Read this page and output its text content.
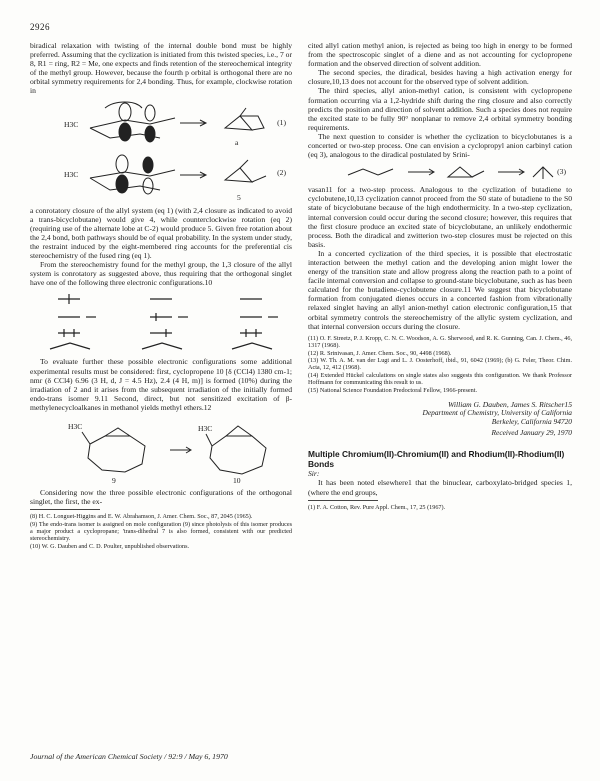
2926

biradical relaxation with twisting of the internal double bond must be highly preferred. Assuming that the cyclization is initiated from this twisted species, i.e., 7 or 8, R1 = ring, R2 = Me, one expects and finds retention of the stereochemical integrity of the methyl group. However, because the fourth p orbital is orthogonal there are no orbital symmetry requirements for 2,4 bonding. Thus, for example, clockwise rotation in

H3C
a
(1)
H3C
5
(2)

a conrotatory closure of the allyl system (eq 1) (with 2,4 closure as indicated to avoid a trans-bicyclobutane) would give 4, while counterclockwise rotation (eq 2) (requiring use of the alternate lobe at C-2) would produce 5. Given free rotation about the 2,4 bond, both pathways should be of equal probability. In the system under study, the restraint induced by the eight-membered ring accounts for the preferential cis stereochemistry of the fused ring (eq 1).

From the stereochemistry found for the methyl group, the 1,3 closure of the allyl system is conrotatory as suggested above, thus requiring that the orthogonal singlet have one of the following three electronic configurations.10

To evaluate further these possible electronic configurations some additional experimental results must be considered: first, cyclopropene 10 [δ (CCl4) 1380 cm-1; nmr (δ CCl4) 6.96 (3 H, d, J = 4.5 Hz), 2.4 (4 H, m)] is formed (10%) during the irradiation of 2 and it arises from the subsequent irradiation of the initially formed endo-trans isomer 9.11 Second, direct, but not sensitized excitation of β-methylenecycloalkanes in methanol yields methyl ethers.12

H3C	H3C
9	10

Considering now the three possible electronic configurations of the orthogonal singlet, the first, the ex-

(8) H. C. Longuet-Higgins and E. W. Abrahamson, J. Amer. Chem. Soc., 87, 2045 (1965).

(9) The endo-trans isomer is assigned on mole configuration (9) since photolysis of this isomer produces a major product a cyclopropane; 'trans-dihedral 7 is also formed, consistent with our predicted stereochemistry.

(10) W. G. Dauben and C. D. Poulter, unpublished observations.

cited allyl cation methyl anion, is rejected as being too high in energy to be formed from the spectroscopic singlet of a diene and as not accounting for cyclopropene formation and the observed direction of solvent addition.

The second species, the diradical, besides having a high activation energy for closure,10,13 does not account for the observed type of solvent addition.

The third species, allyl anion-methyl cation, is consistent with cyclopropene formation occurring via a 1,2-hydride shift during the ring closure and also correctly predicts the position and direction of solvent addition. Such a species does not require the excited state to be fully 90° nonplanar to remove 2,4 orbital symmetry bonding requirements.

The next question to consider is whether the cyclization to bicyclobutanes is a concerted or two-step process. One can envision a cyclopropyl anion carbinyl cation (eq 3), analogous to the diradical postulated by Srini-

(3)

vasan11 for a two-step process. Analogous to the cyclization of butadiene to cyclobutene,10,13 cyclization cannot proceed from the S0 state of butadiene to the S0 state of bicyclobutane because of the high endothermicity. In a two-step cyclization, internal conversion could occur during the second closure; however, this requires that the first closure produce an excited state of bicyclobutane, an unlikely endothermic process. Both the diradical and zwitterion two-step closures must be rejected on this basis.

In a concerted cyclization of the third species, it is possible that electrostatic interaction between the methyl cation and the developing anion might lower the energy of the transition state and allow progress along the reaction path to a point of facile internal conversion and collapse to ground-state bicyclobutane, such as has been calculated for the butadiene-cyclobutene closure.11 We suggest that bicyclobutane formation from conjugated dienes occurs in a concerted fashion from vibrationally relaxed singlet having an allyl anion-methyl cation electronic configuration,15 that orbital symmetry controls the stereochemistry of the allylic system cyclization, and that internal conversion occurs during the closure.

(11) O. F. Streetz, P. J. Kropp, C. N. C. Woodson, A. G. Sherwood, and R. K. Gunning, Can. J. Chem., 46, 1317 (1968).

(12) R. Srinivasan, J. Amer. Chem. Soc., 90, 4498 (1968).

(13) W. Th. A. M. van der Lugt and L. J. Oosterhoff, ibid., 91, 6042 (1969); (b) G. Feler, Theor. Chim. Acta, 12, 412 (1968).

(14) Extended Hückel calculations on single states also suggests this configuration. We thank Professor Hoffmann for communicating this result to us.

(15) National Science Foundation Predoctoral Fellow, 1966-present.

William G. Dauben, James S. Ritscher15
Department of Chemistry, University of California
Berkeley, California 94720
Received January 29, 1970
Multiple Chromium(II)-Chromium(II) and Rhodium(II)-Rhodium(II) Bonds

Sir:

It has been noted elsewhere1 that the binuclear, carboxylato-bridged species 1, (where the end groups,

(1) F. A. Cotton, Rev. Pure Appl. Chem., 17, 25 (1967).

Journal of the American Chemical Society / 92:9 / May 6, 1970
